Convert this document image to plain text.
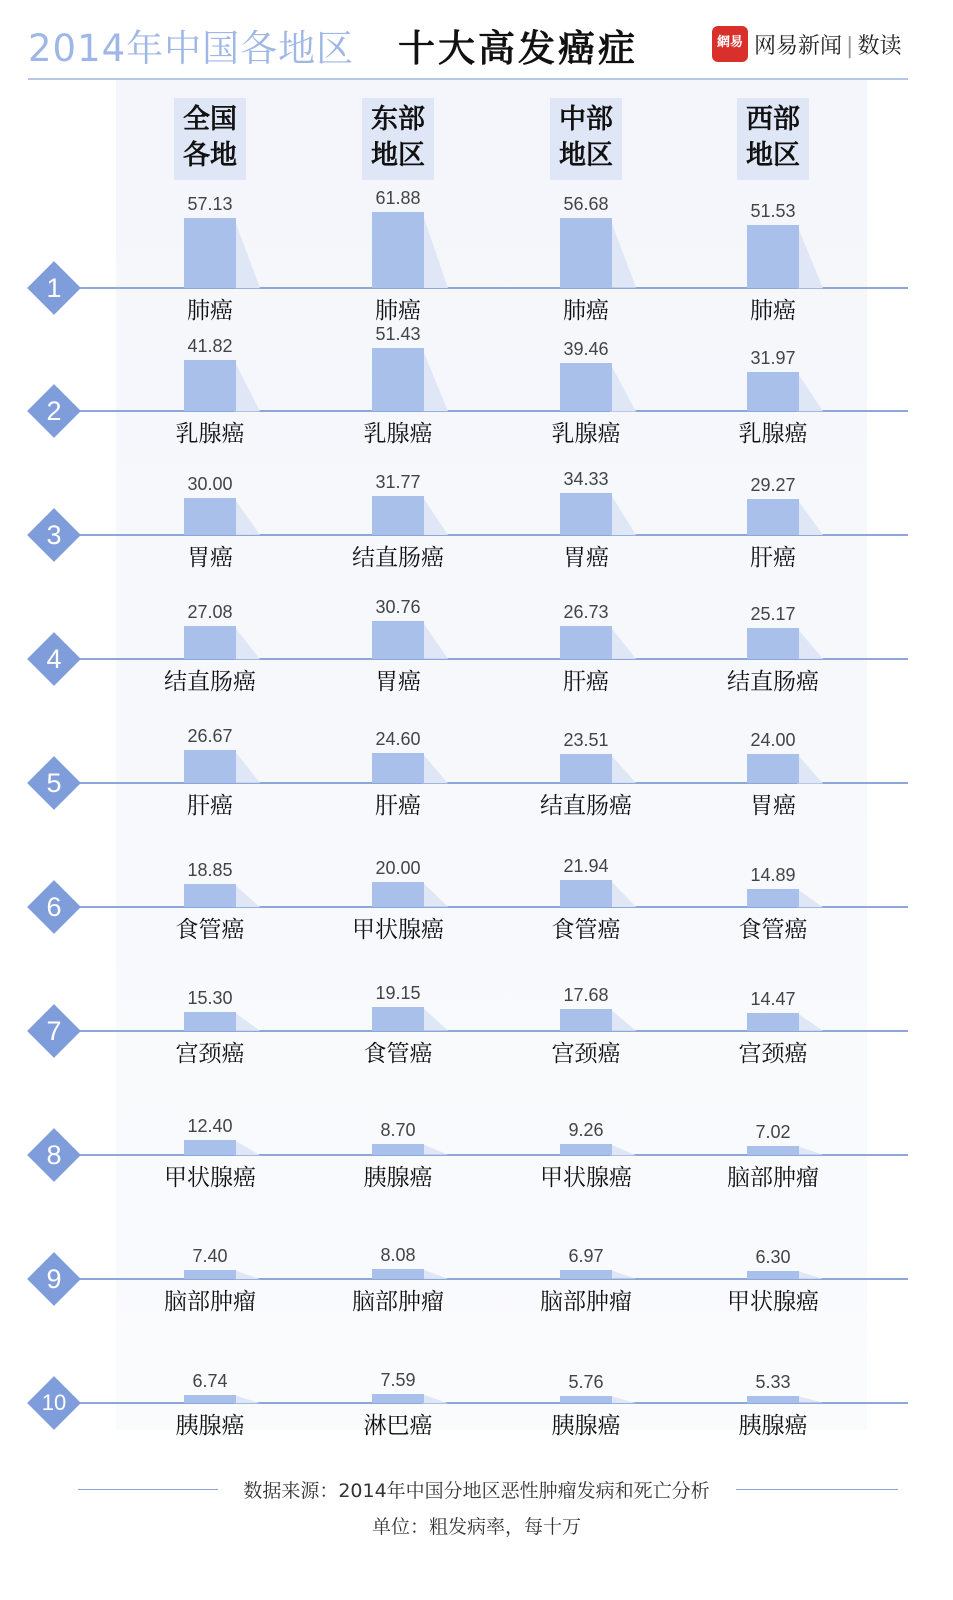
2014年中国各地区 十大高发癌症	網易 网易新闻 | 数读
全国
各地
东部
地区
中部
地区
西部
地区
1
57.13
肺癌
61.88
肺癌
56.68
肺癌
51.53
肺癌
2
41.82
乳腺癌
51.43
乳腺癌
39.46
乳腺癌
31.97
乳腺癌
3
30.00
胃癌
31.77
结直肠癌
34.33
胃癌
29.27
肝癌
4
27.08
结直肠癌
30.76
胃癌
26.73
肝癌
25.17
结直肠癌
5
26.67
肝癌
24.60
肝癌
23.51
结直肠癌
24.00
胃癌
6
18.85
食管癌
20.00
甲状腺癌
21.94
食管癌
14.89
食管癌
7
15.30
宫颈癌
19.15
食管癌
17.68
宫颈癌
14.47
宫颈癌
8
12.40
甲状腺癌
8.70
胰腺癌
9.26
甲状腺癌
7.02
脑部肿瘤
9
7.40
脑部肿瘤
8.08
脑部肿瘤
6.97
脑部肿瘤
6.30
甲状腺癌
10
6.74
胰腺癌
7.59
淋巴癌
5.76
胰腺癌
5.33
胰腺癌
数据来源：2014年中国分地区恶性肿瘤发病和死亡分析
单位：粗发病率，每十万
